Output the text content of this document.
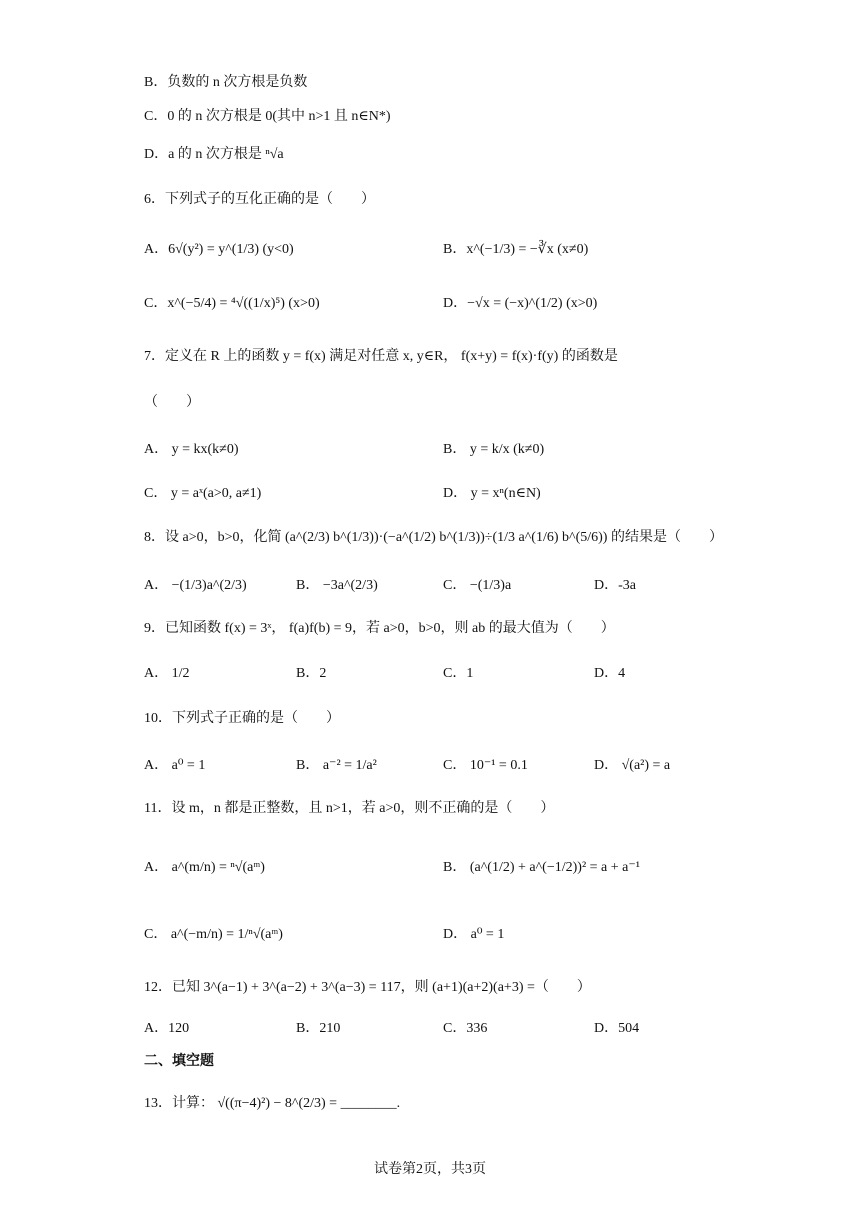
B．负数的 n 次方根是负数
C．0 的 n 次方根是 0(其中 n>1 且 n∈N*)
D．a 的 n 次方根是 ⁿ√a
6．下列式子的互化正确的是（　　）
A．6√(y²) = y^(1/3) (y<0)	B．x^(−1/3) = −∛x (x≠0)
C．x^(−5/4) = ⁴√((1/x)⁵) (x>0)	D．−√x = (−x)^(1/2) (x>0)
7．定义在 R 上的函数 y = f(x) 满足对任意 x, y∈R， f(x+y) = f(x)·f(y) 的函数是
（　　）
A． y = kx(k≠0)	B． y = k/x (k≠0)
C． y = aˣ(a>0, a≠1)	D． y = xⁿ(n∈N)
8．设 a>0，b>0，化简 (a^(2/3) b^(1/3))·(−a^(1/2) b^(1/3))÷(1/3 a^(1/6) b^(5/6)) 的结果是（　　）
A． −(1/3)a^(2/3)	B． −3a^(2/3)	C． −(1/3)a	D．-3a
9．已知函数 f(x) = 3ˣ， f(a)f(b) = 9，若 a>0，b>0，则 ab 的最大值为（　　）
A． 1/2	B．2	C．1	D．4
10．下列式子正确的是（　　）
A． a⁰ = 1	B． a⁻² = 1/a²	C． 10⁻¹ = 0.1	D． √(a²) = a
11．设 m，n 都是正整数，且 n>1，若 a>0，则不正确的是（　　）
A． a^(m/n) = ⁿ√(aᵐ)	B． (a^(1/2) + a^(−1/2))² = a + a⁻¹
C． a^(−m/n) = 1/ⁿ√(aᵐ)	D． a⁰ = 1
12．已知 3^(a−1) + 3^(a−2) + 3^(a−3) = 117，则 (a+1)(a+2)(a+3) =（　　）
A．120	B．210	C．336	D．504
二、填空题
13．计算： √((π−4)²) − 8^(2/3) = ________.
试卷第2页，共3页
